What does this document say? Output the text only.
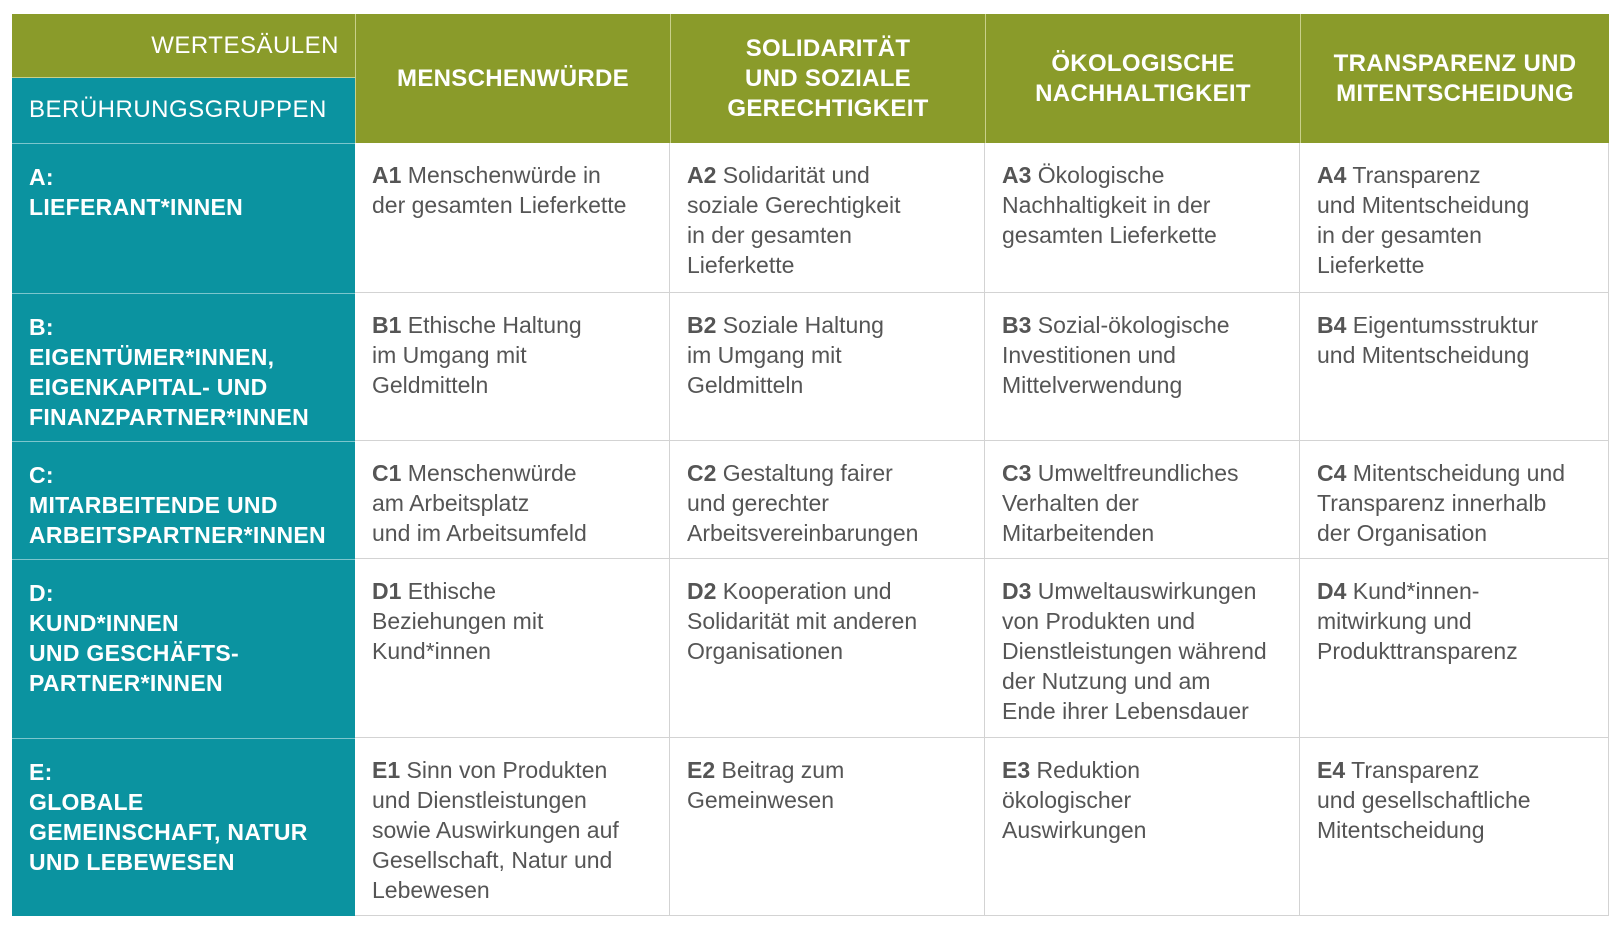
WERTESÄULEN
BERÜHRUNGSGRUPPEN
MENSCHENWÜRDE
SOLIDARITÄT
UND SOZIALE
GERECHTIGKEIT
ÖKOLOGISCHE
NACHHALTIGKEIT
TRANSPARENZ UND
MITENTSCHEIDUNG
A:
LIEFERANT*INNEN
A1 Menschenwürde in
der gesamten Lieferkette
A2 Solidarität und
soziale Gerechtigkeit
in der gesamten
Lieferkette
A3 Ökologische
Nachhaltigkeit in der
gesamten Lieferkette
A4 Transparenz
und Mitentscheidung
in der gesamten
Lieferkette
B:
EIGENTÜMER*INNEN,
EIGENKAPITAL- UND
FINANZPARTNER*INNEN
B1 Ethische Haltung
im Umgang mit
Geldmitteln
B2 Soziale Haltung
im Umgang mit
Geldmitteln
B3 Sozial-ökologische
Investitionen und
Mittelverwendung
B4 Eigentumsstruktur
und Mitentscheidung
C:
MITARBEITENDE UND
ARBEITSPARTNER*INNEN
C1 Menschenwürde
am Arbeitsplatz
und im Arbeitsumfeld
C2 Gestaltung fairer
und gerechter
Arbeitsvereinbarungen
C3 Umweltfreundliches
Verhalten der
Mitarbeitenden
C4 Mitentscheidung und
Transparenz innerhalb
der Organisation
D:
KUND*INNEN
UND GESCHÄFTS-
PARTNER*INNEN
D1 Ethische
Beziehungen mit
Kund*innen
D2 Kooperation und
Solidarität mit anderen
Organisationen
D3 Umweltauswirkungen
von Produkten und
Dienstleistungen während
der Nutzung und am
Ende ihrer Lebensdauer
D4 Kund*innen-
mitwirkung und
Produkttransparenz
E:
GLOBALE
GEMEINSCHAFT, NATUR
UND LEBEWESEN
E1 Sinn von Produkten
und Dienstleistungen
sowie Auswirkungen auf
Gesellschaft, Natur und
Lebewesen
E2 Beitrag zum
Gemeinwesen
E3 Reduktion
ökologischer
Auswirkungen
E4 Transparenz
und gesellschaftliche
Mitentscheidung
